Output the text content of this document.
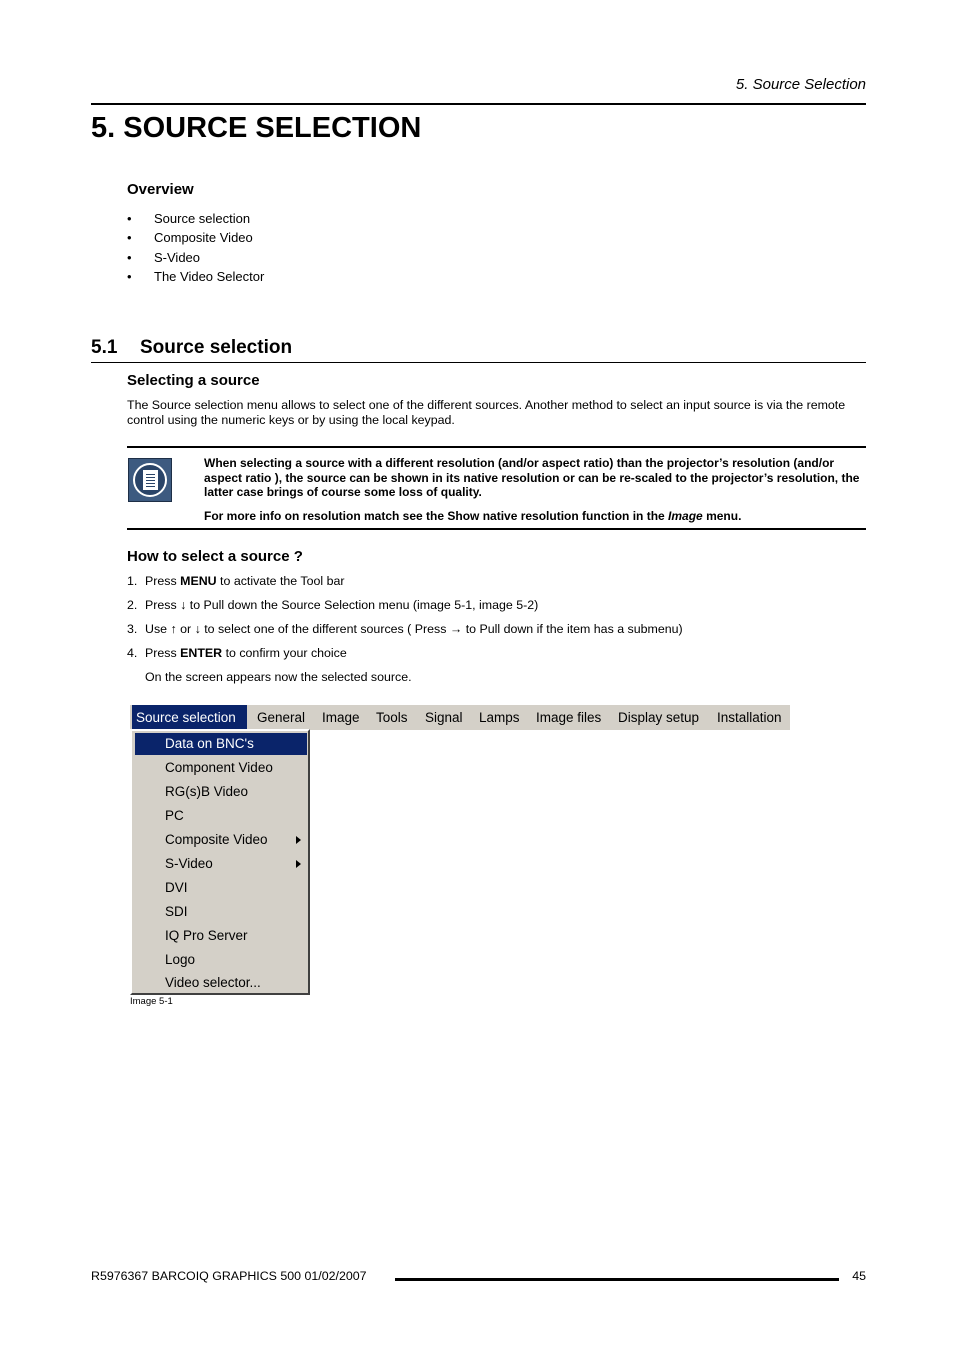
5. Source Selection
5. SOURCE SELECTION
Overview
• Source selection
• Composite Video
• S-Video
• The Video Selector
5.1 Source selection
Selecting a source

The Source selection menu allows to select one of the different sources. Another method to select an input source is via the remote control using the numeric keys or by using the local keypad.

When selecting a source with a different resolution (and/or aspect ratio) than the projector’s resolution (and/or aspect ratio ), the source can be shown in its native resolution or can be re-scaled to the projector’s resolution, the latter case brings of course some loss of quality.

For more info on resolution match see the Show native resolution function in the Image menu.

How to select a source ?
1. Press MENU to activate the Tool bar
2. Press ↓ to Pull down the Source Selection menu (image 5-1, image 5-2)
3. Use ↑ or ↓ to select one of the different sources ( Press → to Pull down if the item has a submenu)
4. Press ENTER to confirm your choice

On the screen appears now the selected source.

Source selection	General Image Tools Signal Lamps Image files Display setup Installation
Data on BNC's
Component Video
RG(s)B Video
PC
Composite Video
S-Video
DVI
SDI
IQ Pro Server
Logo
Video selector...
Image 5-1
R5976367 BARCOIQ GRAPHICS 500 01/02/2007	45
